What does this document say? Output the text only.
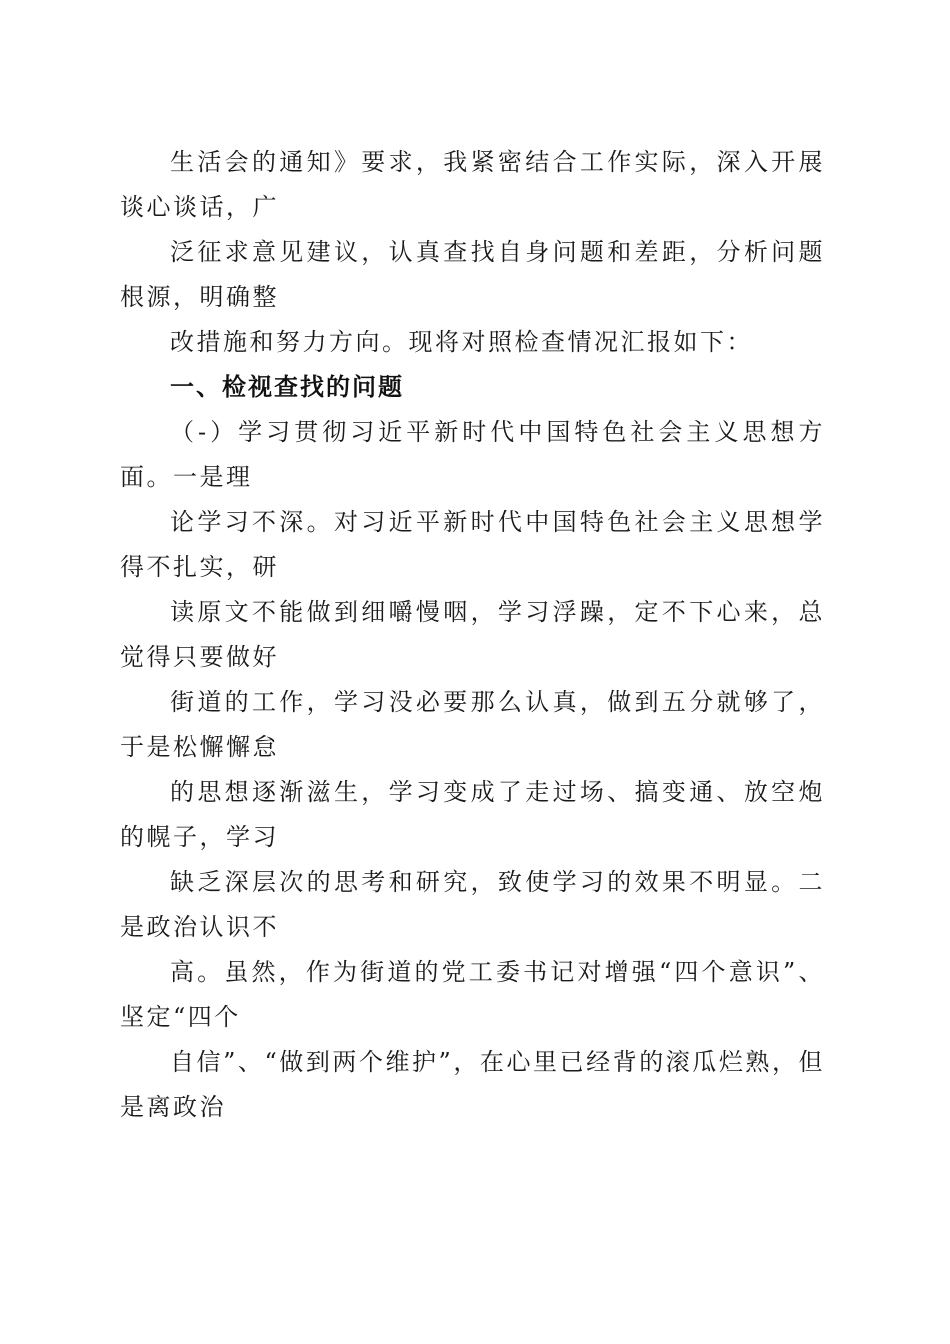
生活会的通知》要求，我紧密结合工作实际，深入开展谈心谈话，广

泛征求意见建议，认真查找自身问题和差距，分析问题根源，明确整

改措施和努力方向。现将对照检查情况汇报如下：

一、检视查找的问题

（-）学习贯彻习近平新时代中国特色社会主义思想方面。一是理

论学习不深。对习近平新时代中国特色社会主义思想学得不扎实，研

读原文不能做到细嚼慢咽，学习浮躁，定不下心来，总觉得只要做好

街道的工作，学习没必要那么认真，做到五分就够了，于是松懈懈怠

的思想逐渐滋生，学习变成了走过场、搞变通、放空炮的幌子，学习

缺乏深层次的思考和研究，致使学习的效果不明显。二是政治认识不

高。虽然，作为街道的党工委书记对增强“四个意识”、坚定“四个

自信”、“做到两个维护”，在心里已经背的滚瓜烂熟，但是离政治
